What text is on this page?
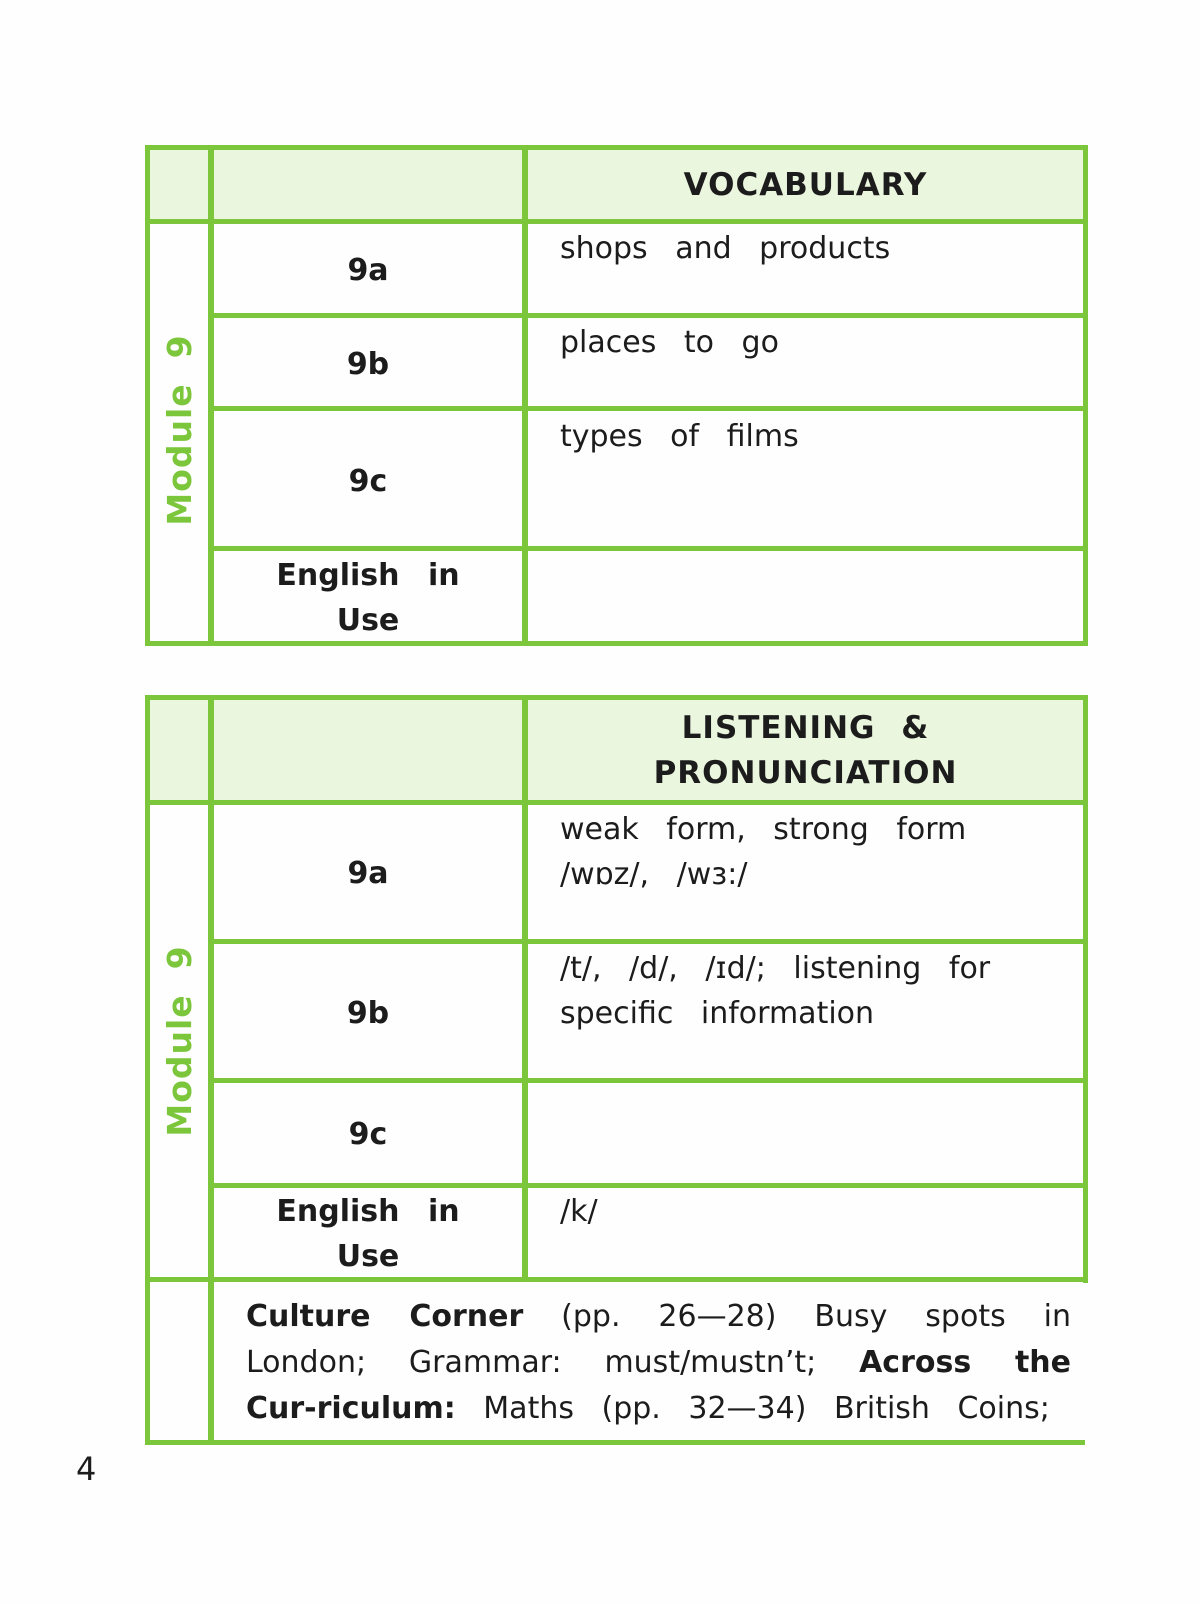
VOCABULARY
Module  9
9a
shops and products
9b
places to go
9c
types of films
English in
Use
LISTENING &
PRONUNCIATION
Module  9
9a
weak form, strong form
/wɒz/, /wɜ:/
9b
/t/, /d/, /ɪd/; listening for
specific information
9c
English in
Use
/k/
Culture Corner (pp. 26—28) Busy spots in London; Grammar: must/mustn’t; Across the Cur-riculum: Maths (pp. 32—34) British Coins;
4
